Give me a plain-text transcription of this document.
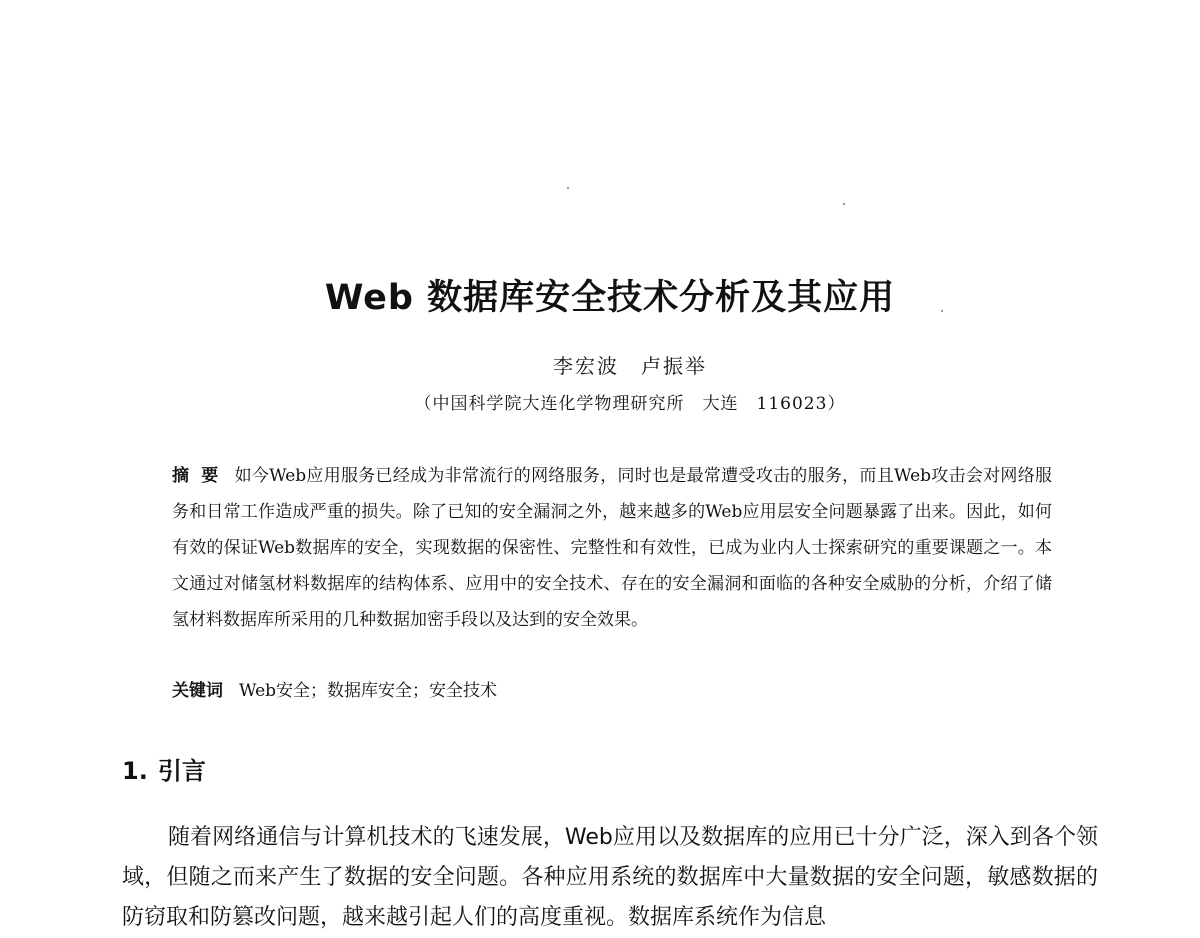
Web 数据库安全技术分析及其应用
李宏波　卢振举
（中国科学院大连化学物理研究所　大连　116023）
摘要 如今Web应用服务已经成为非常流行的网络服务，同时也是最常遭受攻击的服务，而且Web攻击会对网络服务和日常工作造成严重的损失。除了已知的安全漏洞之外，越来越多的Web应用层安全问题暴露了出来。因此，如何有效的保证Web数据库的安全，实现数据的保密性、完整性和有效性，已成为业内人士探索研究的重要课题之一。本文通过对储氢材料数据库的结构体系、应用中的安全技术、存在的安全漏洞和面临的各种安全威胁的分析，介绍了储氢材料数据库所采用的几种数据加密手段以及达到的安全效果。
关键词 Web安全；数据库安全；安全技术
1. 引言
随着网络通信与计算机技术的飞速发展，Web应用以及数据库的应用已十分广泛，深入到各个领域，但随之而来产生了数据的安全问题。各种应用系统的数据库中大量数据的安全问题，敏感数据的防窃取和防篡改问题，越来越引起人们的高度重视。数据库系统作为信息
